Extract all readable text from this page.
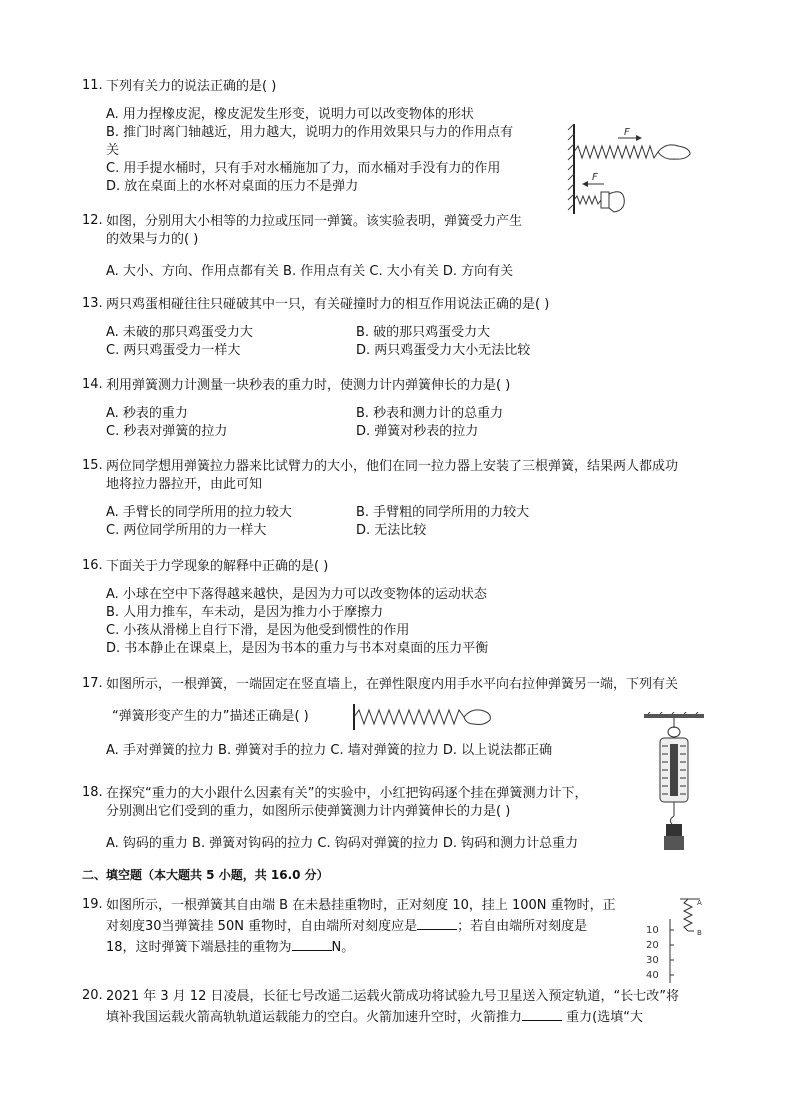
11. 下列有关力的说法正确的是( )
A. 用力捏橡皮泥，橡皮泥发生形变，说明力可以改变物体的形状
B. 推门时离门轴越近，用力越大，说明力的作用效果只与力的作用点有
关
C. 用手提水桶时，只有手对水桶施加了力，而水桶对手没有力的作用
D. 放在桌面上的水杯对桌面的压力不是弹力
12. 如图，分别用大小相等的力拉或压同一弹簧。该实验表明，弹簧受力产生
的效果与力的( )
A. 大小、方向、作用点都有关 B. 作用点有关 C. 大小有关 D. 方向有关
F
F
13. 两只鸡蛋相碰往往只碰破其中一只，有关碰撞时力的相互作用说法正确的是( )
A. 未破的那只鸡蛋受力大	B. 破的那只鸡蛋受力大
C. 两只鸡蛋受力一样大	D. 两只鸡蛋受力大小无法比较
14. 利用弹簧测力计测量一块秒表的重力时，使测力计内弹簧伸长的力是( )
A. 秒表的重力	B. 秒表和测力计的总重力
C. 秒表对弹簧的拉力	D. 弹簧对秒表的拉力
15. 两位同学想用弹簧拉力器来比试臂力的大小，他们在同一拉力器上安装了三根弹簧，结果两人都成功
地将拉力器拉开，由此可知
A. 手臂长的同学所用的拉力较大	B. 手臂粗的同学所用的力较大
C. 两位同学所用的力一样大	D. 无法比较
16. 下面关于力学现象的解释中正确的是( )
A. 小球在空中下落得越来越快，是因为力可以改变物体的运动状态
B. 人用力推车，车未动，是因为推力小于摩擦力
C. 小孩从滑梯上自行下滑，是因为他受到惯性的作用
D. 书本静止在课桌上，是因为书本的重力与书本对桌面的压力平衡
17. 如图所示，一根弹簧，一端固定在竖直墙上，在弹性限度内用手水平向右拉伸弹簧另一端，下列有关
“弹簧形变产生的力”描述正确是( )
A. 手对弹簧的拉力 B. 弹簧对手的拉力 C. 墙对弹簧的拉力 D. 以上说法都正确
18. 在探究“重力的大小跟什么因素有关”的实验中，小红把钩码逐个挂在弹簧测力计下，
分别测出它们受到的重力，如图所示使弹簧测力计内弹簧伸长的力是( )
A. 钩码的重力 B. 弹簧对钩码的拉力 C. 钩码对弹簧的拉力 D. 钩码和测力计总重力
二、填空题（本大题共 5 小题，共 16.0 分）
19. 如图所示，一根弹簧其自由端 B 在未悬挂重物时，正对刻度 10，挂上 100N 重物时，正
对刻度30当弹簧挂 50N 重物时，自由端所对刻度应是	；若自由端所对刻度是
18，这时弹簧下端悬挂的重物为	N。
A
B
10
20
30
40
20. 2021 年 3 月 12 日凌晨，长征七号改遥二运载火箭成功将试验九号卫星送入预定轨道，“长七改”将
填补我国运载火箭高轨轨道运载能力的空白。火箭加速升空时，火箭推力	重力(选填“大
